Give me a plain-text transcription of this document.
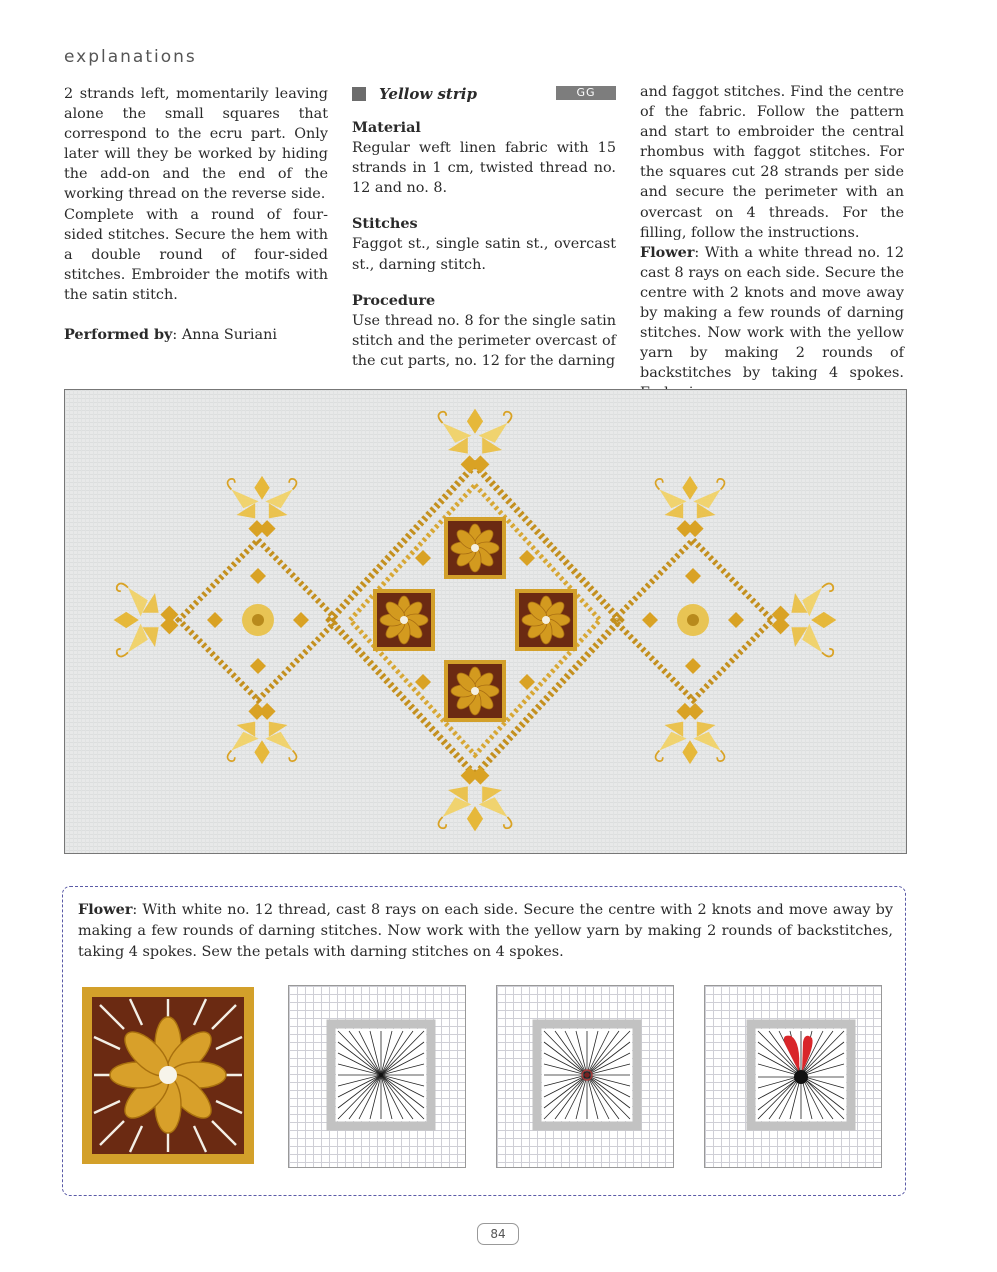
explanations

2 strands left, momentarily leaving alone the small squares that correspond to the ecru part. Only later will they be worked by hiding the add-on and the end of the working thread on the reverse side.

Complete with a round of four-sided stitches. Secure the hem with a double round of four-sided stitches. Embroider the motifs with the satin stitch.

Performed by: Anna Suriani

Yellow strip	GG

Material

Regular weft linen fabric with 15 strands in 1 cm, twisted thread no. 12 and no. 8.

Stitches

Faggot st., single satin st., overcast st., darning stitch.

Procedure

Use thread no. 8 for the single satin stitch and the perimeter overcast of the cut parts, no. 12 for the darning

and faggot stitches. Find the centre of the fabric. Follow the pattern and start to embroider the central rhombus with faggot stitches. For the squares cut 28 strands per side and secure the perimeter with an overcast on 4 threads. For the filling, follow the instructions.

Flower: With a white thread no. 12 cast 8 rays on each side. Secure the centre with 2 knots and move away by making a few rounds of darning stitches. Now work with the yellow yarn by making 2 rounds of backstitches by taking 4 spokes.

Flower: With white no. 12 thread, cast 8 rays on each side. Secure the centre with 2 knots and move away by making a few rounds of darning stitches. Now work with the yellow yarn by making 2 rounds of backstitches, taking 4 spokes. Sew the petals with darning stitches on 4 spokes.
84
